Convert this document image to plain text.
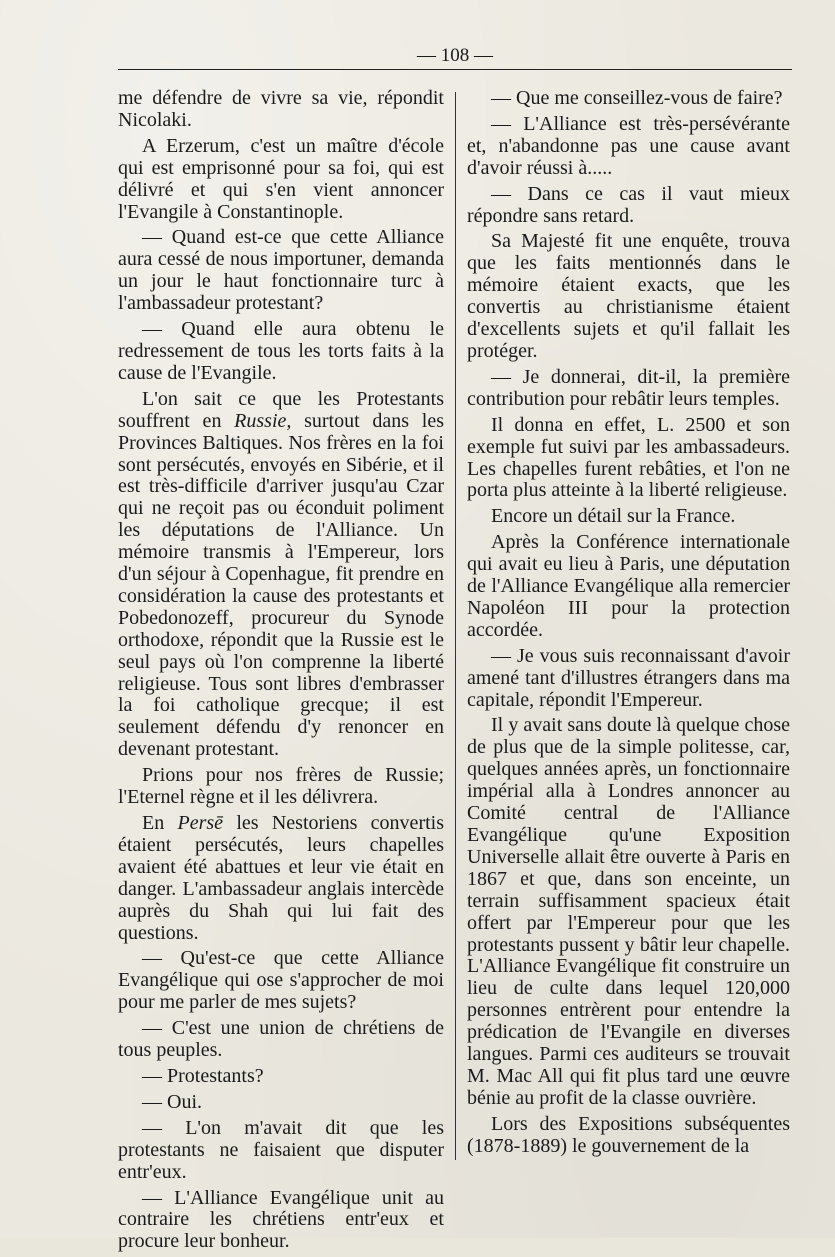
— 108 —

me défendre de vivre sa vie, répondit Nicolaki.

A Erzerum, c'est un maître d'école qui est emprisonné pour sa foi, qui est délivré et qui s'en vient annoncer l'Evangile à Constantinople.

— Quand est-ce que cette Alliance aura cessé de nous importuner, demanda un jour le haut fonctionnaire turc à l'ambassadeur protestant?

— Quand elle aura obtenu le redressement de tous les torts faits à la cause de l'Evangile.

L'on sait ce que les Protestants souffrent en Russie, surtout dans les Provinces Baltiques. Nos frères en la foi sont persécutés, envoyés en Sibérie, et il est très-difficile d'arriver jusqu'au Czar qui ne reçoit pas ou éconduit poliment les députations de l'Alliance. Un mémoire transmis à l'Empereur, lors d'un séjour à Copenhague, fit prendre en considération la cause des protestants et Pobedonozeff, procureur du Synode orthodoxe, répondit que la Russie est le seul pays où l'on comprenne la liberté religieuse. Tous sont libres d'embrasser la foi catholique grecque; il est seulement défendu d'y renoncer en devenant protestant.

Prions pour nos frères de Russie; l'Eternel règne et il les délivrera.

En Persē les Nestoriens convertis étaient persécutés, leurs chapelles avaient été abattues et leur vie était en danger. L'ambassadeur anglais intercède auprès du Shah qui lui fait des questions.

— Qu'est-ce que cette Alliance Evangélique qui ose s'approcher de moi pour me parler de mes sujets?

— C'est une union de chrétiens de tous peuples.

— Protestants?

— Oui.

— L'on m'avait dit que les protestants ne faisaient que disputer entr'eux.

— L'Alliance Evangélique unit au contraire les chrétiens entr'eux et procure leur bonheur.

— Que me conseillez-vous de faire?

— L'Alliance est très-persévérante et, n'abandonne pas une cause avant d'avoir réussi à.....

— Dans ce cas il vaut mieux répondre sans retard.

Sa Majesté fit une enquête, trouva que les faits mentionnés dans le mémoire étaient exacts, que les convertis au christianisme étaient d'excellents sujets et qu'il fallait les protéger.

— Je donnerai, dit-il, la première contribution pour rebâtir leurs temples.

Il donna en effet, L. 2500 et son exemple fut suivi par les ambassadeurs. Les chapelles furent rebâties, et l'on ne porta plus atteinte à la liberté religieuse.

Encore un détail sur la France.

Après la Conférence internationale qui avait eu lieu à Paris, une députation de l'Alliance Evangélique alla remercier Napoléon III pour la protection accordée.

— Je vous suis reconnaissant d'avoir amené tant d'illustres étrangers dans ma capitale, répondit l'Empereur.

Il y avait sans doute là quelque chose de plus que de la simple politesse, car, quelques années après, un fonctionnaire impérial alla à Londres annoncer au Comité central de l'Alliance Evangélique qu'une Exposition Universelle allait être ouverte à Paris en 1867 et que, dans son enceinte, un terrain suffisamment spacieux était offert par l'Empereur pour que les protestants pussent y bâtir leur chapelle. L'Alliance Evangélique fit construire un lieu de culte dans lequel 120,000 personnes entrèrent pour entendre la prédication de l'Evangile en diverses langues. Parmi ces auditeurs se trouvait M. Mac All qui fit plus tard une œuvre bénie au profit de la classe ouvrière.

Lors des Expositions subséquentes (1878-1889) le gouvernement de la
